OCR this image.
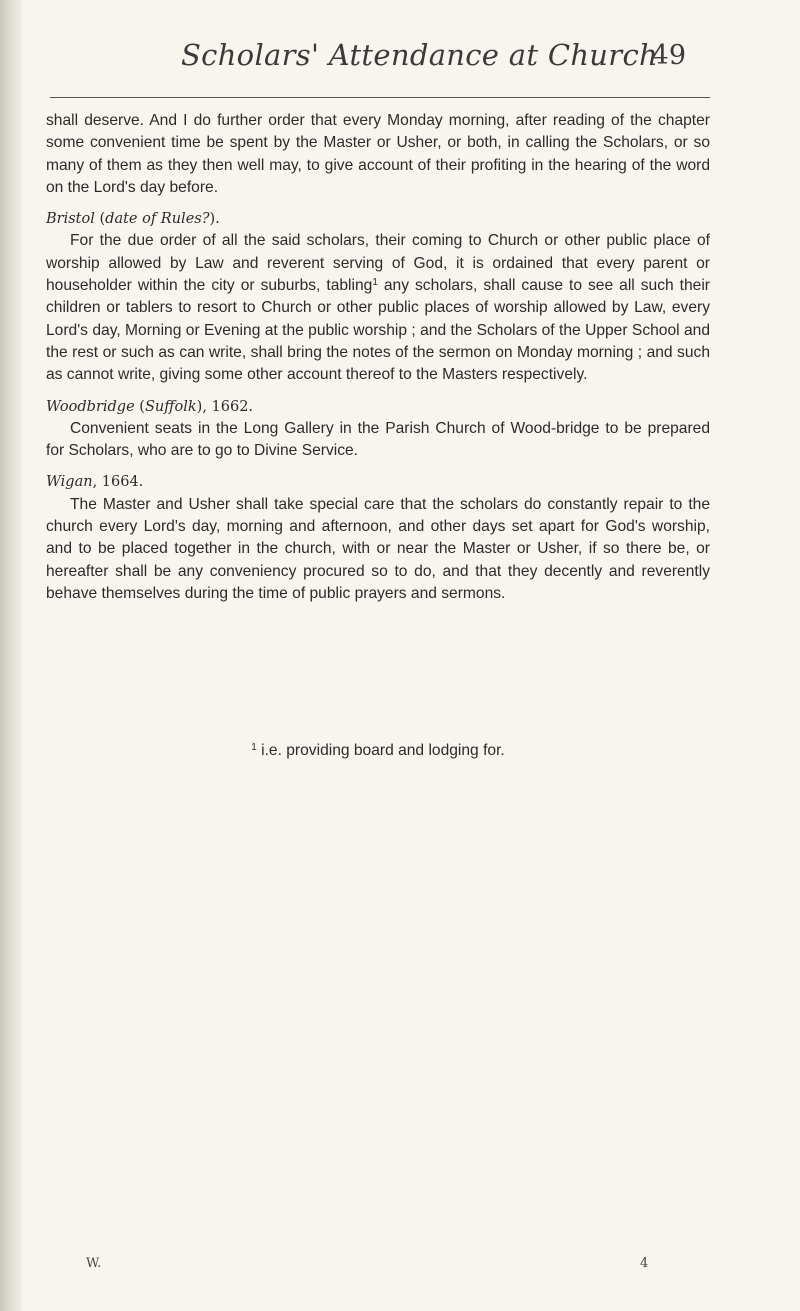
Scholars' Attendance at Church
49

shall deserve. And I do further order that every Monday morning, after reading of the chapter some convenient time be spent by the Master or Usher, or both, in calling the Scholars, or so many of them as they then well may, to give account of their profiting in the hearing of the word on the Lord's day before.

Bristol (date of Rules?).

For the due order of all the said scholars, their coming to Church or other public place of worship allowed by Law and reverent serving of God, it is ordained that every parent or householder within the city or suburbs, tabling$^1$ any scholars, shall cause to see all such their children or tablers to resort to Church or other public places of worship allowed by Law, every Lord's day, Morning or Evening at the public worship ; and the Scholars of the Upper School and the rest or such as can write, shall bring the notes of the sermon on Monday morning ; and such as cannot write, giving some other account thereof to the Masters respectively.

Woodbridge (Suffolk), 1662.

Convenient seats in the Long Gallery in the Parish Church of Wood-bridge to be prepared for Scholars, who are to go to Divine Service.

Wigan, 1664.

The Master and Usher shall take special care that the scholars do constantly repair to the church every Lord's day, morning and afternoon, and other days set apart for God's worship, and to be placed together in the church, with or near the Master or Usher, if so there be, or hereafter shall be any conveniency procured so to do, and that they decently and reverently behave themselves during the time of public prayers and sermons.

$^1$ i.e. providing board and lodging for.
W.	4
